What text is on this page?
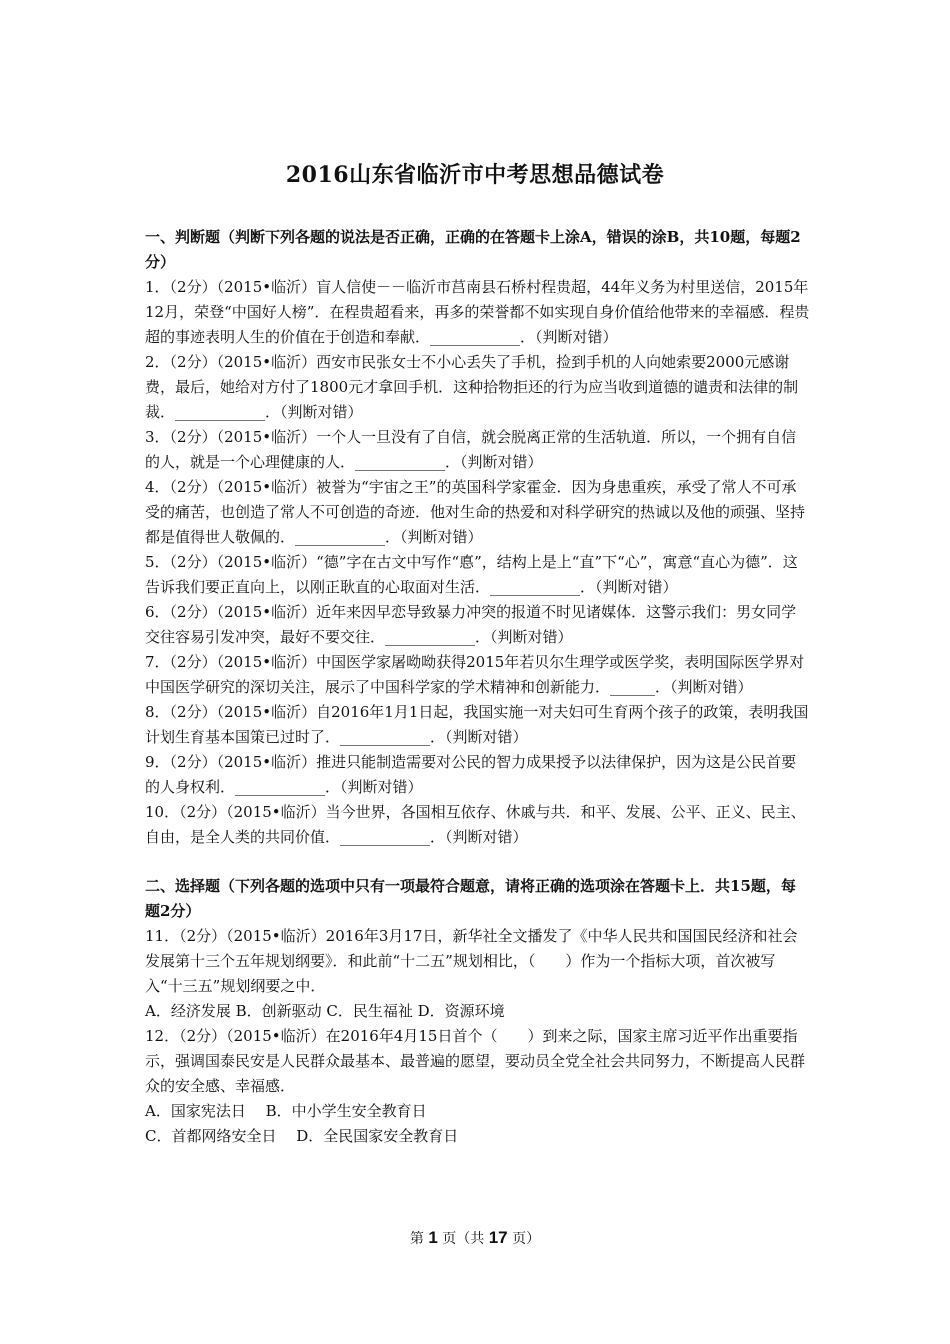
2016山东省临沂市中考思想品德试卷

一、判断题（判断下列各题的说法是否正确，正确的在答题卡上涂A，错误的涂B，共10题，每题2分）

1．（2分）（2015•临沂）盲人信使－－临沂市莒南县石桥村程贵超，44年义务为村里送信，2015年12月，荣登“中国好人榜”．在程贵超看来，再多的荣誉都不如实现自身价值给他带来的幸福感．程贵超的事迹表明人生的价值在于创造和奉献．____________．（判断对错）

2．（2分）（2015•临沂）西安市民张女士不小心丢失了手机，捡到手机的人向她索要2000元感谢费，最后，她给对方付了1800元才拿回手机．这种拾物拒还的行为应当收到道德的谴责和法律的制裁．____________．（判断对错）

3．（2分）（2015•临沂）一个人一旦没有了自信，就会脱离正常的生活轨道．所以，一个拥有自信的人，就是一个心理健康的人．____________．（判断对错）

4．（2分）（2015•临沂）被誉为“宇宙之王”的英国科学家霍金．因为身患重疾，承受了常人不可承受的痛苦，也创造了常人不可创造的奇迹．他对生命的热爱和对科学研究的热诚以及他的顽强、坚持都是值得世人敬佩的．____________．（判断对错）

5．（2分）（2015•临沂）“德”字在古文中写作“悳”，结构上是上“直”下“心”，寓意“直心为德”．这告诉我们要正直向上，以刚正耿直的心取面对生活．____________．（判断对错）

6．（2分）（2015•临沂）近年来因早恋导致暴力冲突的报道不时见诸媒体．这警示我们：男女同学交往容易引发冲突，最好不要交往．____________．（判断对错）

7．（2分）（2015•临沂）中国医学家屠呦呦获得2015年若贝尔生理学或医学奖，表明国际医学界对中国医学研究的深切关注，展示了中国科学家的学术精神和创新能力．______．（判断对错）

8．（2分）（2015•临沂）自2016年1月1日起，我国实施一对夫妇可生育两个孩子的政策，表明我国计划生育基本国策已过时了．____________．（判断对错）

9．（2分）（2015•临沂）推进只能制造需要对公民的智力成果授予以法律保护，因为这是公民首要的人身权利．____________．（判断对错）

10．（2分）（2015•临沂）当今世界，各国相互依存、休戚与共．和平、发展、公平、正义、民主、自由，是全人类的共同价值．____________．（判断对错）

二、选择题（下列各题的选项中只有一项最符合题意，请将正确的选项涂在答题卡上．共15题，每题2分）

11．（2分）（2015•临沂）2016年3月17日，新华社全文播发了《中华人民共和国国民经济和社会发展第十三个五年规划纲要》．和此前“十二五”规划相比，（　　）作为一个指标大项，首次被写入“十三五”规划纲要之中．

A．经济发展 B．创新驱动 C．民生福祉 D．资源环境

12．（2分）（2015•临沂）在2016年4月15日首个（　　）到来之际，国家主席习近平作出重要指示，强调国泰民安是人民群众最基本、最普遍的愿望，要动员全党全社会共同努力，不断提高人民群众的安全感、幸福感．

A．国家宪法日　 B．中小学生安全教育日

C．首都网络安全日　 D．全民国家安全教育日

第 1 页（共 17 页）
